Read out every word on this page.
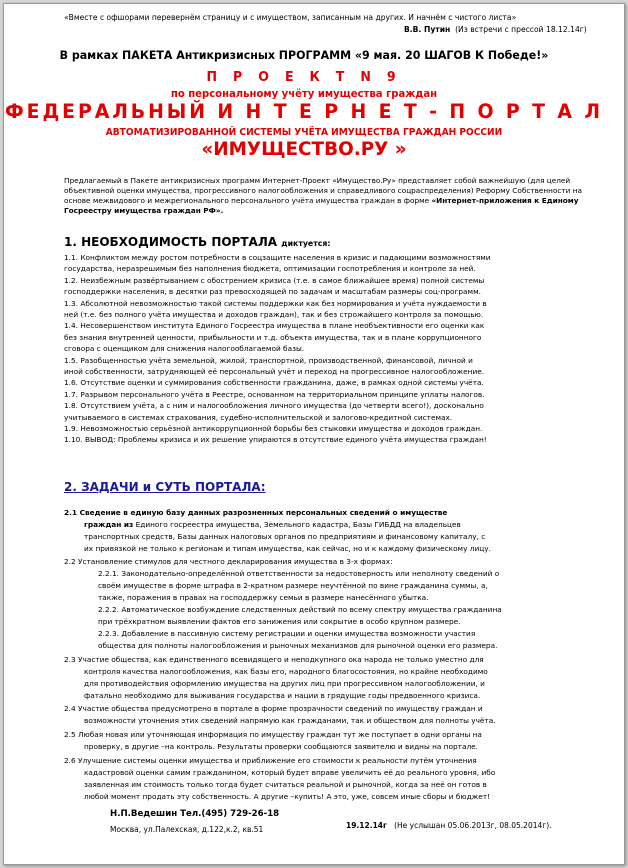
«Вместе с офшорами перевернём страницу и с имуществом, записанным на других. И начнём с чистого листа»

В.В. Путин (Из встречи с прессой 18.12.14г)

В рамках ПАКЕТА Антикризисных ПРОГРАММ «9 мая. 20 ШАГОВ К Победе!»

П Р О Е К Т N 9

по персональному учёту имущества граждан

ФЕДЕРАЛЬНЫЙ И Н Т Е Р Н Е Т - П О Р Т А Л

АВТОМАТИЗИРОВАННОЙ СИСТЕМЫ УЧЁТА ИМУЩЕСТВА ГРАЖДАН РОССИИ

«ИМУЩЕСТВО.РУ »

Предлагаемый в Пакете антикризисных программ Интернет-Проект «Имущество.Ру» представляет собой важнейшую (для целей объективной оценки имущества, прогрессивного налогообложения и справедливого соцраспределения) Реформу Собственности на основе межвидового и межрегионального персонального учёта имущества граждан в форме «Интернет-приложения к Единому Госреестру имущества граждан РФ».

1. НЕОБХОДИМОСТЬ ПОРТАЛА диктуется:

1.1. Конфликтом между ростом потребности в соцзащите населения в кризис и падающими возможностями

государства, неразрешимым без наполнения бюджета, оптимизации госпотребления и контроле за ней.

1.2. Неизбежным развёртыванием с обострением кризиса (т.е. в самое ближайшее время) полной системы

господдержки населения, в десятки раз превосходящей по задачам и масштабам размеры соц-программ.

1.3. Абсолютной невозможностью такой системы поддержки как без нормирования и учёта нуждаемости в

ней (т.е. без полного учёта имущества и доходов граждан), так и без строжайшего контроля за помощью.

1.4. Несовершенством института Единого Госреестра имущества в плане необъективности его оценки как

без знания внутренней ценности, прибыльности и т.д. объекта имущества, так и в плане коррупционного

сговора с оценщиком для снижения налогооблагаемой базы.

1.5. Разобщенностью учёта земельной, жилой, транспортной, производственной, финансовой, личной и

иной собственности, затрудняющей её персональный учёт и переход на прогрессивное налогообложение.

1.6. Отсутствие оценки и суммирования собственности гражданина, даже, в рамках одной системы учёта.

1.7. Разрывом персонального учёта в Реестре, основанном на территориальном принципе уплаты налогов.

1.8. Отсутствием учёта, а с ним и налогообложения личного имущества (до четверти всего!), досконально

учитываемого в системах страхования, судебно-исполнительской и залогово-кредитной системах.

1.9. Невозможностью серьёзной антикоррупционной борьбы без стыковки имущества и доходов граждан.

1.10. ВЫВОД: Проблемы кризиса и их решение упираются в отсутствие единого учёта имущества граждан!

2. ЗАДАЧИ и СУТЬ ПОРТАЛА:

2.1 Сведение в единую базу данных разрозненных персональных сведений о имуществе

граждан из Единого госреестра имущества, Земельного кадастра, Базы ГИБДД на владельцев

транспортных средств, Базы данных налоговых органов по предприятиям и финансовому капиталу, с

их привязкой не только к регионам и типам имущества, как сейчас, но и к каждому физическому лицу.

2.2 Установление стимулов для честного декларирования имущества в 3-х формах:

2.2.1. Законодательно-определённой ответственности за недостоверность или неполноту сведений о

своём имуществе в форме штрафа в 2-кратном размере неучтённой по вине гражданина суммы, а,

также, поражения в правах на господдержку семьи в размере нанесённого убытка.

2.2.2. Автоматическое возбуждение следственных действий по всему спектру имущества гражданина

при трёхкратном выявлении фактов его занижения или сокрытие в особо крупном размере.

2.2.3. Добавление в пассивную систему регистрации и оценки имущества возможности участия

общества для полноты налогообложения и рыночных механизмов для рыночной оценки его размера.

2.3 Участие общества, как единственного всевидящего и неподкупного ока народа не только уместно для

контроля качества налогообложения, как базы его, народного благосостояния, но крайне необходимо

для противодействия оформлению имущества на других лиц при прогрессивном налогообложении, и

фатально необходимо для выживания государства и нации в грядущие годы предвоенного кризиса.

2.4 Участие общества предусмотрено в портале в форме прозрачности сведений по имуществу граждан и

возможности уточнения этих сведений напрямую как гражданами, так и обществом для полноты учёта.

2.5 Любая новая или уточняющая информация по имуществу граждан тут же поступает в одни органы на

проверку, в другие –на контроль. Результаты проверки сообщаются заявителю и видны на портале.

2.6 Улучшение системы оценки имущества и приближение его стоимости к реальности путём уточнения

кадастровой оценки самим гражданином, который будет вправе увеличить её до реального уровня, ибо

заявленная им стоимость только тогда будет считаться реальной и рыночной, когда за неё он готов в

любой момент продать эту собственность. А другие –купить! А это, уже, совсем иные сборы и бюджет!

Н.П.Ведешин Тел.(495) 729-26-18

Москва, ул.Палехская, д.122,к.2, кв.51	19.12.14г (Не услышан 05.06.2013г, 08.05.2014г).
